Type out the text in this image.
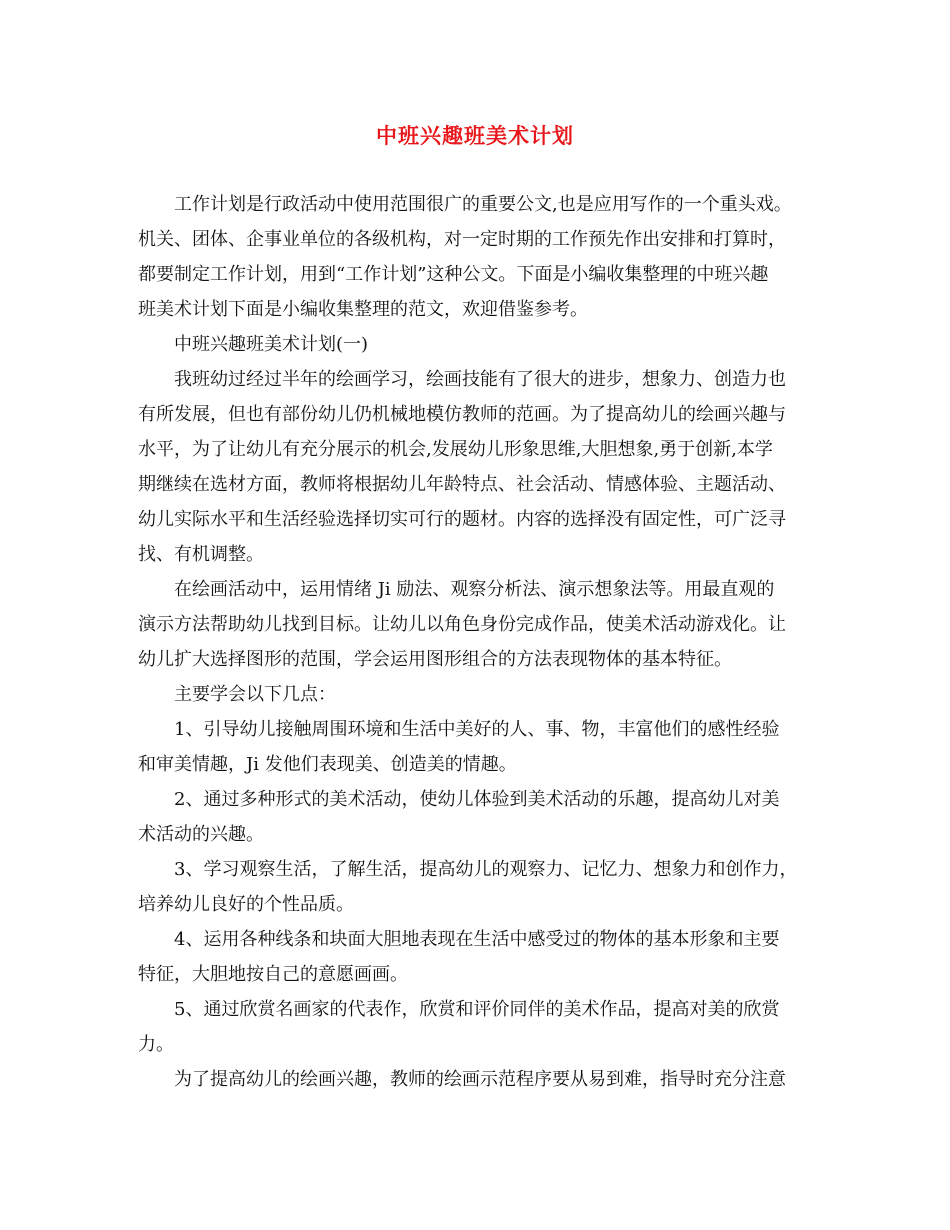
中班兴趣班美术计划
工作计划是行政活动中使用范围很广的重要公文,也是应用写作的一个重头戏。
机关、团体、企事业单位的各级机构，对一定时期的工作预先作出安排和打算时，
都要制定工作计划，用到“工作计划”这种公文。下面是小编收集整理的中班兴趣
班美术计划下面是小编收集整理的范文，欢迎借鉴参考。
中班兴趣班美术计划(一)
我班幼过经过半年的绘画学习，绘画技能有了很大的进步，想象力、创造力也
有所发展，但也有部份幼儿仍机械地模仿教师的范画。为了提高幼儿的绘画兴趣与
水平，为了让幼儿有充分展示的机会,发展幼儿形象思维,大胆想象,勇于创新,本学
期继续在选材方面，教师将根据幼儿年龄特点、社会活动、情感体验、主题活动、
幼儿实际水平和生活经验选择切实可行的题材。内容的选择没有固定性，可广泛寻
找、有机调整。
在绘画活动中，运用情绪 Ji 励法、观察分析法、演示想象法等。用最直观的
演示方法帮助幼儿找到目标。让幼儿以角色身份完成作品，使美术活动游戏化。让
幼儿扩大选择图形的范围，学会运用图形组合的方法表现物体的基本特征。
主要学会以下几点：
1、引导幼儿接触周围环境和生活中美好的人、事、物，丰富他们的感性经验
和审美情趣，Ji 发他们表现美、创造美的情趣。
2、通过多种形式的美术活动，使幼儿体验到美术活动的乐趣，提高幼儿对美
术活动的兴趣。
3、学习观察生活，了解生活，提高幼儿的观察力、记忆力、想象力和创作力，
培养幼儿良好的个性品质。
4、运用各种线条和块面大胆地表现在生活中感受过的物体的基本形象和主要
特征，大胆地按自己的意愿画画。
5、通过欣赏名画家的代表作，欣赏和评价同伴的美术作品，提高对美的欣赏
力。
为了提高幼儿的绘画兴趣，教师的绘画示范程序要从易到难，指导时充分注意
